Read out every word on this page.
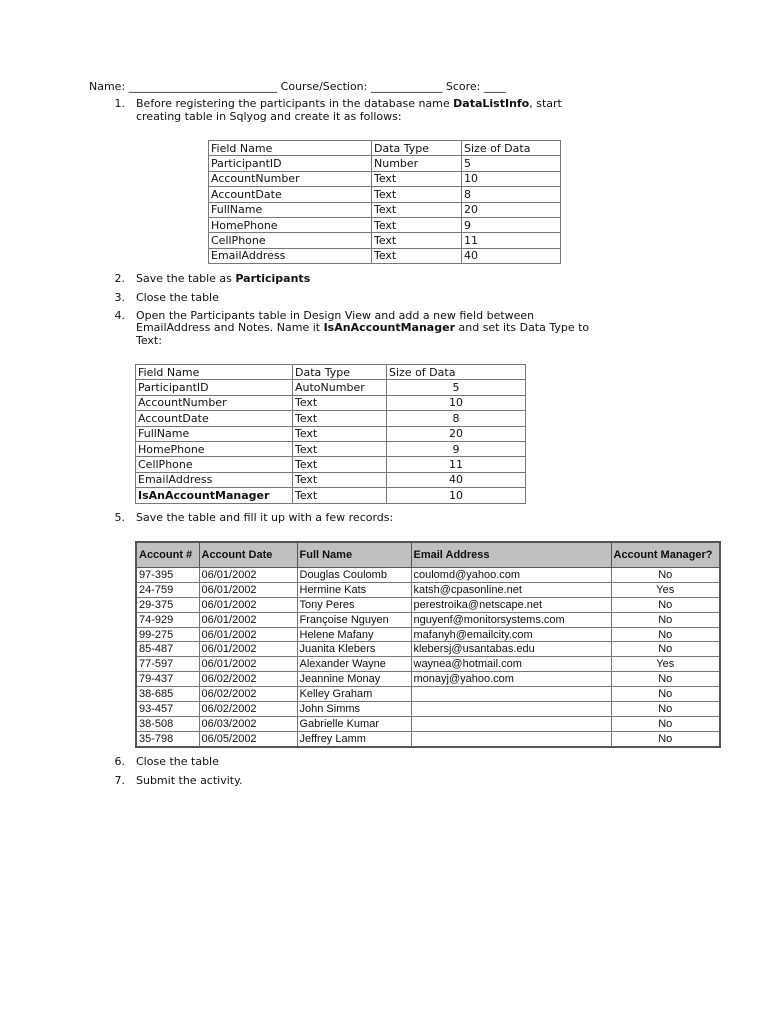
Name: ___________________________ Course/Section: _____________ Score: ____
1. Before registering the participants in the database name DataListInfo, start
creating table in Sqlyog and create it as follows:
Field Name	Data Type	Size of Data
ParticipantID	Number	5
AccountNumber	Text	10
AccountDate	Text	8
FullName	Text	20
HomePhone	Text	9
CellPhone	Text	11
EmailAddress	Text	40
2. Save the table as Participants
3. Close the table
4. Open the Participants table in Design View and add a new field between
EmailAddress and Notes. Name it IsAnAccountManager and set its Data Type to
Text:
Field Name	Data Type	Size of Data
ParticipantID	AutoNumber	5
AccountNumber	Text	10
AccountDate	Text	8
FullName	Text	20
HomePhone	Text	9
CellPhone	Text	11
EmailAddress	Text	40
IsAnAccountManager	Text	10
5. Save the table and fill it up with a few records:
Account #	Account Date	Full Name	Email Address	Account Manager?
97-395	06/01/2002	Douglas Coulomb	coulomd@yahoo.com	No
24-759	06/01/2002	Hermine Kats	katsh@cpasonline.net	Yes
29-375	06/01/2002	Tony Peres	perestroika@netscape.net	No
74-929	06/01/2002	Françoise Nguyen	nguyenf@monitorsystems.com	No
99-275	06/01/2002	Helene Mafany	mafanyh@emailcity.com	No
85-487	06/01/2002	Juanita Klebers	klebersj@usantabas.edu	No
77-597	06/01/2002	Alexander Wayne	waynea@hotmail.com	Yes
79-437	06/02/2002	Jeannine Monay	monayj@yahoo.com	No
38-685	06/02/2002	Kelley Graham		No
93-457	06/02/2002	John Simms		No
38-508	06/03/2002	Gabrielle Kumar		No
35-798	06/05/2002	Jeffrey Lamm		No
6. Close the table
7. Submit the activity.
